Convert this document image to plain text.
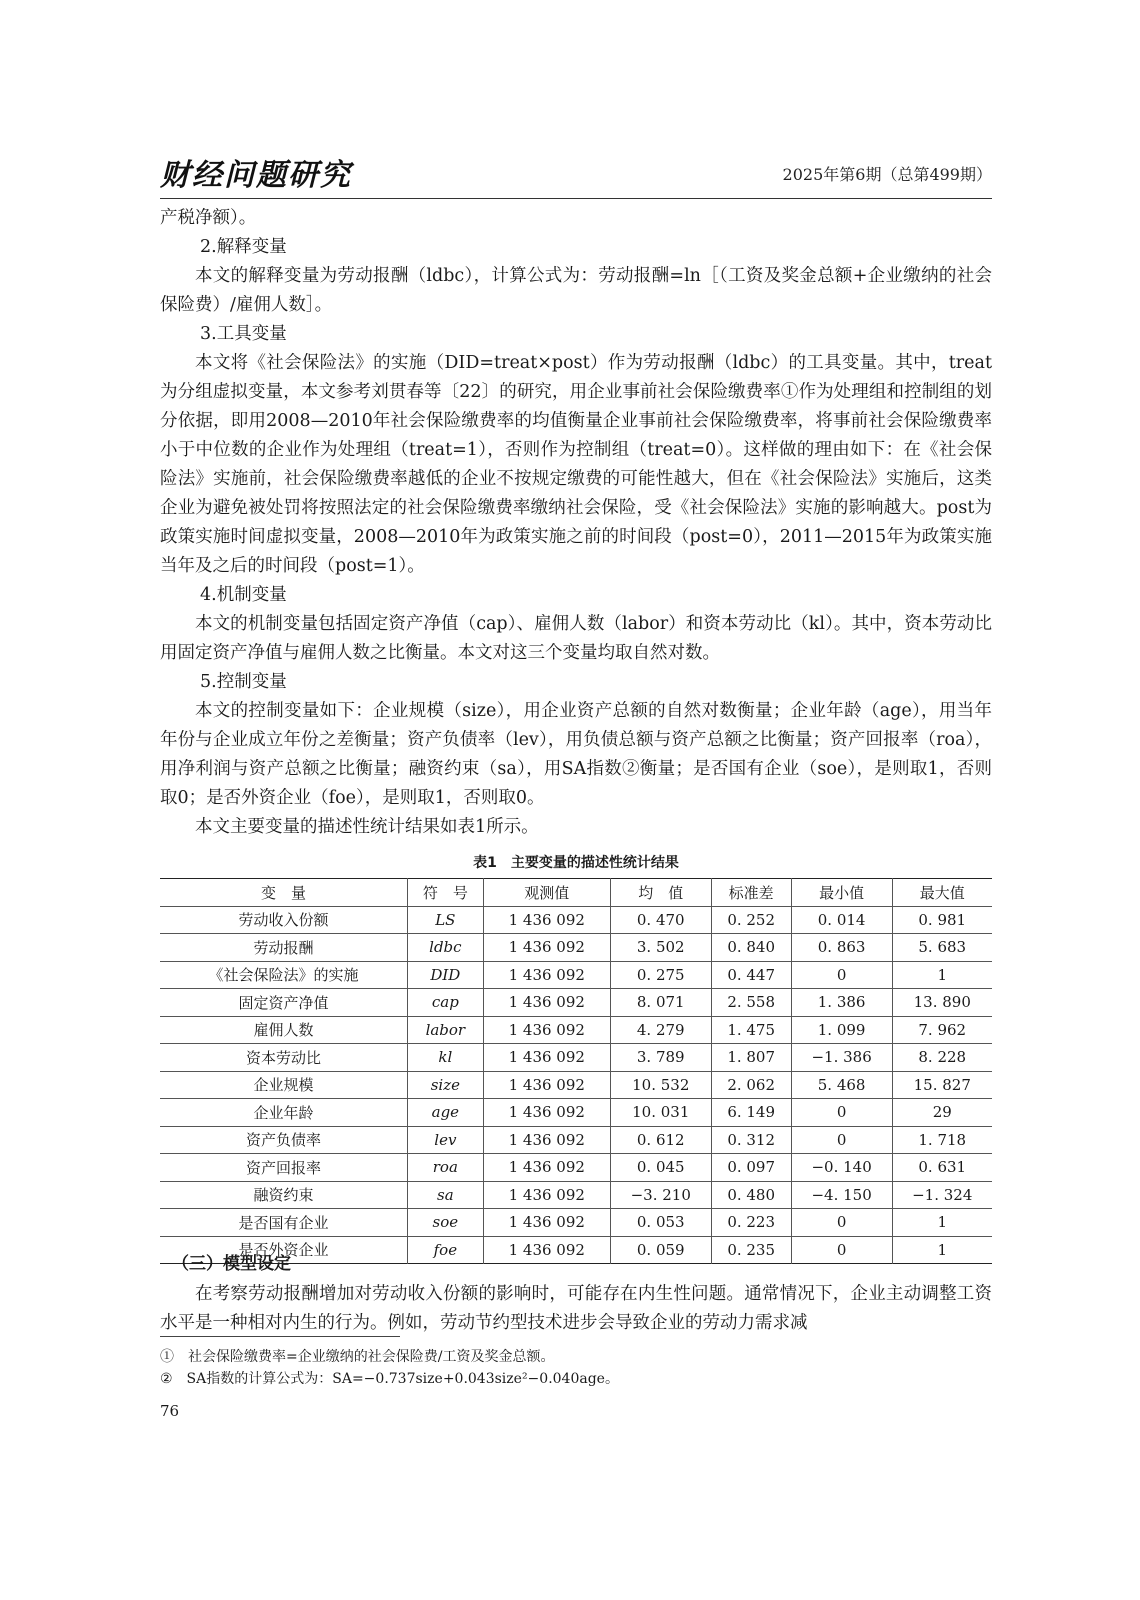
财经问题研究	2025年第6期（总第499期）

产税净额）。

2.解释变量

本文的解释变量为劳动报酬（ldbc），计算公式为：劳动报酬=ln［（工资及奖金总额+企业缴纳的社会保险费）/雇佣人数］。

3.工具变量

本文将《社会保险法》的实施（DID=treat×post）作为劳动报酬（ldbc）的工具变量。其中，treat为分组虚拟变量，本文参考刘贯春等〔22〕的研究，用企业事前社会保险缴费率①作为处理组和控制组的划分依据，即用2008—2010年社会保险缴费率的均值衡量企业事前社会保险缴费率，将事前社会保险缴费率小于中位数的企业作为处理组（treat=1），否则作为控制组（treat=0）。这样做的理由如下：在《社会保险法》实施前，社会保险缴费率越低的企业不按规定缴费的可能性越大，但在《社会保险法》实施后，这类企业为避免被处罚将按照法定的社会保险缴费率缴纳社会保险，受《社会保险法》实施的影响越大。post为政策实施时间虚拟变量，2008—2010年为政策实施之前的时间段（post=0），2011—2015年为政策实施当年及之后的时间段（post=1）。

4.机制变量

本文的机制变量包括固定资产净值（cap）、雇佣人数（labor）和资本劳动比（kl）。其中，资本劳动比用固定资产净值与雇佣人数之比衡量。本文对这三个变量均取自然对数。

5.控制变量

本文的控制变量如下：企业规模（size），用企业资产总额的自然对数衡量；企业年龄（age），用当年年份与企业成立年份之差衡量；资产负债率（lev），用负债总额与资产总额之比衡量；资产回报率（roa），用净利润与资产总额之比衡量；融资约束（sa），用SA指数②衡量；是否国有企业（soe），是则取1，否则取0；是否外资企业（foe），是则取1，否则取0。

本文主要变量的描述性统计结果如表1所示。

表1　主要变量的描述性统计结果
变　量	符　号	观测值	均　值	标准差	最小值	最大值
劳动收入份额	LS	1 436 092	0. 470	0. 252	0. 014	0. 981
劳动报酬	ldbc	1 436 092	3. 502	0. 840	0. 863	5. 683
《社会保险法》的实施	DID	1 436 092	0. 275	0. 447	0	1
固定资产净值	cap	1 436 092	8. 071	2. 558	1. 386	13. 890
雇佣人数	labor	1 436 092	4. 279	1. 475	1. 099	7. 962
资本劳动比	kl	1 436 092	3. 789	1. 807	−1. 386	8. 228
企业规模	size	1 436 092	10. 532	2. 062	5. 468	15. 827
企业年龄	age	1 436 092	10. 031	6. 149	0	29
资产负债率	lev	1 436 092	0. 612	0. 312	0	1. 718
资产回报率	roa	1 436 092	0. 045	0. 097	−0. 140	0. 631
融资约束	sa	1 436 092	−3. 210	0. 480	−4. 150	−1. 324
是否国有企业	soe	1 436 092	0. 053	0. 223	0	1
是否外资企业	foe	1 436 092	0. 059	0. 235	0	1
（三）模型设定

在考察劳动报酬增加对劳动收入份额的影响时，可能存在内生性问题。通常情况下，企业主动调整工资水平是一种相对内生的行为。例如，劳动节约型技术进步会导致企业的劳动力需求减

①　社会保险缴费率=企业缴纳的社会保险费/工资及奖金总额。
②　SA指数的计算公式为：SA=−0.737size+0.043size²−0.040age。
76
